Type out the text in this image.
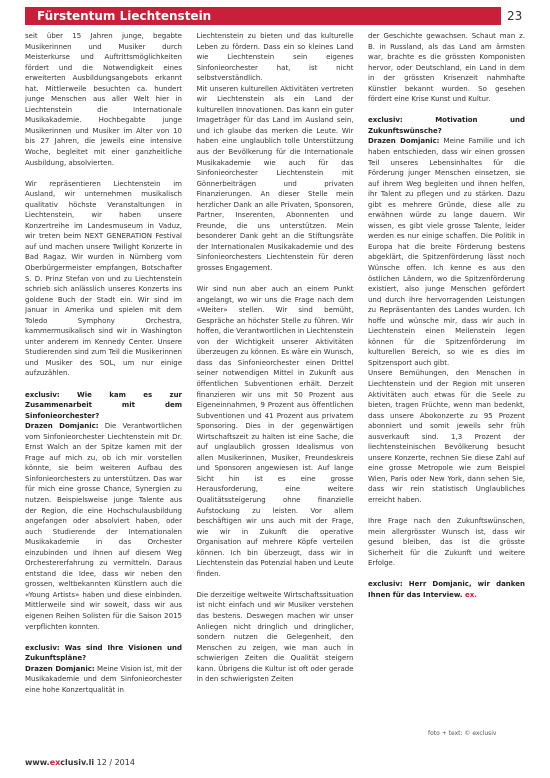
Fürstentum Liechtenstein	23

seit über 15 Jahren junge, begabte Musikerinnen und Musiker durch Meisterkurse und Auftrittsmöglichkeiten fördert und die Notwendigkeit eines erweiterten Ausbildungsangebots erkannt hat. Mittlerweile besuchten ca. hundert junge Menschen aus aller Welt hier in Liechtenstein die Internationale Musikakademie. Hochbegabte junge Musikerinnen und Musiker im Alter von 10 bis 27 Jahren, die jeweils eine intensive Woche, begleitet mit einer ganzheitliche Ausbildung, absolvierten.

Wir repräsentieren Liechtenstein im Ausland, wir unternehmen musikalisch qualitativ höchste Veranstaltungen in Liechtenstein, wir haben unsere Konzertreihe im Landesmuseum in Vaduz, wir treten beim NEXT GENERATION Festival auf und machen unsere Twilight Konzerte in Bad Ragaz. Wir wurden in Nürnberg vom Oberbürgermeister empfangen, Botschafter S. D. Prinz Stefan von und zu Liechtenstein schrieb sich anlässlich unseres Konzerts ins goldene Buch der Stadt ein. Wir sind im Januar in Amerika und spielen mit dem Toledo Symphony Orchestra, kammermusikalisch sind wir in Washington unter anderem im Kennedy Center. Unsere Studierenden sind zum Teil die Musikerinnen und Musiker des SOL, um nur einige aufzuzählen.

exclusiv: Wie kam es zur Zusammenarbeit mit dem Sinfonieorchester?

Drazen Domjanic: Die Verantwortlichen vom Sinfonieorchester Liechtenstein mit Dr. Ernst Walch an der Spitze kamen mit der Frage auf mich zu, ob ich mir vorstellen könnte, sie beim weiteren Aufbau des Sinfonieorchesters zu unterstützen. Das war für mich eine grosse Chance, Synergien zu nutzen. Beispielsweise junge Talente aus der Region, die eine Hochschulausbildung angefangen oder absolviert haben, oder auch Studierende der Internationalen Musikakademie in das Orchester einzubinden und ihnen auf diesem Weg Orchestererfahrung zu vermitteln. Daraus entstand die Idee, dass wir neben den grossen, weltbekannten Künstlern auch die «Young Artists» haben und diese einbinden. Mittlerweile sind wir soweit, dass wir aus eigenen Reihen Solisten für die Saison 2015 verpflichten konnten.

exclusiv: Was sind Ihre Visionen und Zukunftspläne?

Drazen Domjanic: Meine Vision ist, mit der Musikakademie und dem Sinfonieorchester eine hohe Konzertqualität in

Liechtenstein zu bieten und das kulturelle Leben zu fördern. Dass ein so kleines Land wie Liechtenstein sein eigenes Sinfonieorchester hat, ist nicht selbstverständlich.

Mit unseren kulturellen Aktivitäten vertreten wir Liechtenstein als ein Land der kulturellen Innovationen. Das kann ein guter Imageträger für das Land im Ausland sein, und ich glaube das merken die Leute. Wir haben eine unglaublich tolle Unterstützung aus der Bevölkerung für die Internationale Musikakademie wie auch für das Sinfonieorchester Liechtenstein mit Gönnerbeiträgen und privaten Finanzierungen. An dieser Stelle mein herzlicher Dank an alle Privaten, Sponsoren, Partner, Inserenten, Abonnenten und Freunde, die uns unterstützen. Mein besonderer Dank geht an die Stiftungsräte der Internationalen Musikakademie und des Sinfonieorchesters Liechtenstein für deren grosses Engagement.

Wir sind nun aber auch an einem Punkt angelangt, wo wir uns die Frage nach dem «Weiter» stellen. Wir sind bemüht, Gespräche an höchster Stelle zu führen. Wir hoffen, die Verantwortlichen in Liechtenstein von der Wichtigkeit unserer Aktivitäten überzeugen zu können. Es wäre ein Wunsch, dass das Sinfonieorchester einen Drittel seiner notwendigen Mittel in Zukunft aus öffentlichen Subventionen erhält. Derzeit finanzieren wir uns mit 50 Prozent aus Eigeneinnahmen, 9 Prozent aus öffentlichen Subventionen und 41 Prozent aus privatem Sponsoring. Dies in der gegenwärtigen Wirtschaftszeit zu halten ist eine Sache, die auf unglaublich grossen Idealismus von allen Musikerinnen, Musiker, Freundeskreis und Sponsoren angewiesen ist. Auf lange Sicht hin ist es eine grosse Herausforderung, eine weitere Qualitätssteigerung ohne finanzielle Aufstockung zu leisten. Vor allem beschäftigen wir uns auch mit der Frage, wie wir in Zukunft die operative Organisation auf mehrere Köpfe verteilen können. Ich bin überzeugt, dass wir in Liechtenstein das Potenzial haben und Leute finden.

Die derzeitige weltweite Wirtschaftssituation ist nicht einfach und wir Musiker verstehen das bestens. Deswegen machen wir unser Anliegen nicht dringlich und dringlicher, sondern nutzen die Gelegenheit, den Menschen zu zeigen, wie man auch in schwierigen Zeiten die Qualität steigern kann. Übrigens die Kultur ist oft oder gerade in den schwierigsten Zeiten

der Geschichte gewachsen. Schaut man z. B. in Russland, als das Land am ärmsten war, brachte es die grössten Komponisten hervor, oder Deutschland, ein Land in dem in der grössten Krisenzeit nahmhafte Künstler bekannt wurden. So gesehen fördert eine Krise Kunst und Kultur.

exclusiv: Motivation und Zukunftswünsche?

Drazen Domjanic: Meine Familie und ich haben entschieden, dass wir einen grossen Teil unseres Lebensinhaltes für die Förderung junger Menschen einsetzen, sie auf ihrem Weg begleiten und ihnen helfen, ihr Talent zu pflegen und zu stärken. Dazu gibt es mehrere Gründe, diese alle zu erwähnen würde zu lange dauern. Wir wissen, es gibt viele grosse Talente, leider werden es nur einige schaffen. Die Politik in Europa hat die breite Förderung bestens abgeklärt, die Spitzenförderung lässt noch Wünsche offen. Ich kenne es aus den östlichen Ländern, wo die Spitzenförderung existiert, also junge Menschen gefördert und durch ihre hervorragenden Leistungen zu Repräsentanten des Landes wurden. Ich hoffe und wünsche mir, dass wir auch in Liechtenstein einen Meilenstein legen können für die Spitzenförderung im kulturellen Bereich, so wie es dies im Spitzensport auch gibt.

Unsere Bemühungen, den Menschen in Liechtenstein und der Region mit unseren Aktivitäten auch etwas für die Seele zu bieten, tragen Früchte, wenn man bedenkt, dass unsere Abokonzerte zu 95 Prozent abonniert und somit jeweils sehr früh ausverkauft sind. 1,3 Prozent der liechtensteinischen Bevölkerung besucht unsere Konzerte, rechnen Sie diese Zahl auf eine grosse Metropole wie zum Beispiel Wien, Paris oder New York, dann sehen Sie, dass wir rein statistisch Unglaubliches erreicht haben.

Ihre Frage nach den Zukunftswünschen, mein allergrösster Wunsch ist, dass wir gesund bleiben, das ist die grösste Sicherheit für die Zukunft und weitere Erfolge.

exclusiv: Herr Domjanic, wir danken Ihnen für das Interview. ex.

foto + text: © exclusiv
www.exclusiv.li 12 / 2014
